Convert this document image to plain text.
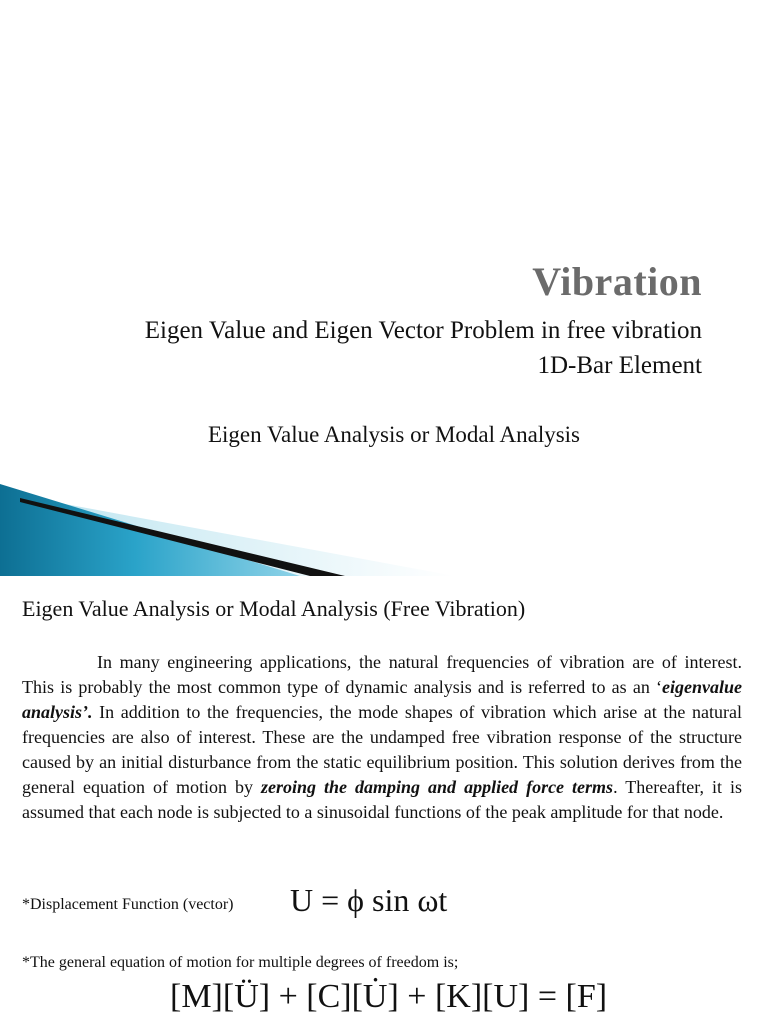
Vibration
Eigen Value and Eigen Vector Problem in free vibration
1D-Bar Element
Eigen Value Analysis or Modal Analysis
Eigen Value Analysis or Modal Analysis (Free Vibration)
In many engineering applications, the natural frequencies of vibration are of interest. This is probably the most common type of dynamic analysis and is referred to as an ‘eigenvalue analysis’. In addition to the frequencies, the mode shapes of vibration which arise at the natural frequencies are also of interest. These are the undamped free vibration response of the structure caused by an initial disturbance from the static equilibrium position. This solution derives from the general equation of motion by zeroing the damping and applied force terms. Thereafter, it is assumed that each node is subjected to a sinusoidal functions of the peak amplitude for that node.
*Displacement Function (vector) U = ϕ sin ωt
*The general equation of motion for multiple degrees of freedom is;
[M][Ü] + [C][U̇] + [K][U] = [F]
